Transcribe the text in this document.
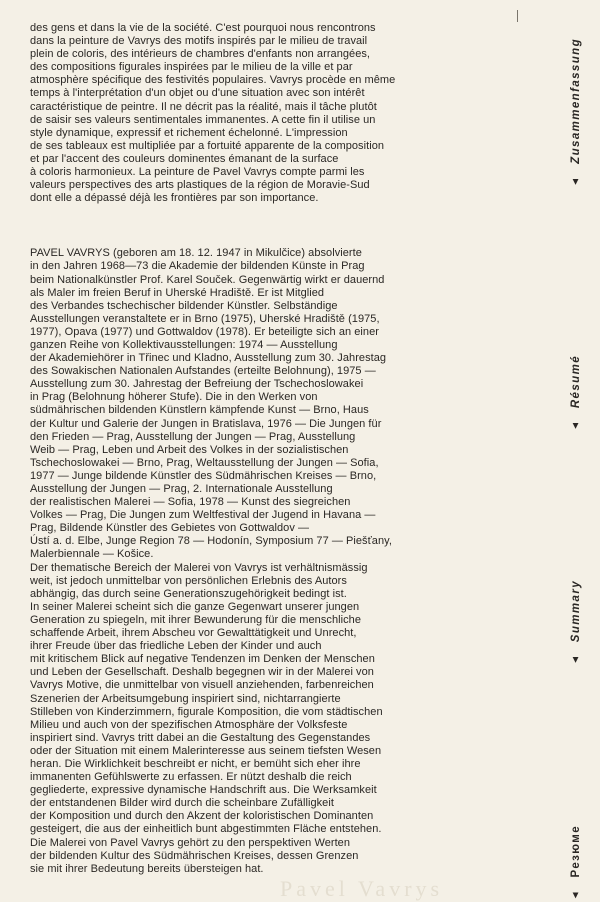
des gens et dans la vie de la société. C'est pourquoi nous rencontrons
dans la peinture de Vavrys des motifs inspirés par le milieu de travail
plein de coloris, des intérieurs de chambres d'enfants non arrangées,
des compositions figurales inspirées par le milieu de la ville et par
atmosphère spécifique des festivités populaires. Vavrys procède en même
temps à l'interprétation d'un objet ou d'une situation avec son intérêt
caractéristique de peintre. Il ne décrit pas la réalité, mais il tâche plutôt
de saisir ses valeurs sentimentales immanentes. A cette fin il utilise un
style dynamique, expressif et richement échelonné. L'impression
de ses tableaux est multipliée par a fortuité apparente de la composition
et par l'accent des couleurs dominentes émanant de la surface
à coloris harmonieux. La peinture de Pavel Vavrys compte parmi les
valeurs perspectives des arts plastiques de la région de Moravie-Sud
dont elle a dépassé déjà les frontières par son importance.

PAVEL VAVRYS (geboren am 18. 12. 1947 in Mikulčice) absolvierte
in den Jahren 1968—73 die Akademie der bildenden Künste in Prag
beim Nationalkünstler Prof. Karel Souček. Gegenwärtig wirkt er dauernd
als Maler im freien Beruf in Uherské Hradiště. Er ist Mitglied
des Verbandes tschechischer bildender Künstler. Selbständige
Ausstellungen veranstaltete er in Brno (1975), Uherské Hradiště (1975,
1977), Opava (1977) und Gottwaldov (1978). Er beteiligte sich an einer
ganzen Reihe von Kollektivausstellungen: 1974 — Ausstellung
der Akademiehörer in Třinec und Kladno, Ausstellung zum 30. Jahrestag
des Sowakischen Nationalen Aufstandes (erteilte Belohnung), 1975 —
Ausstellung zum 30. Jahrestag der Befreiung der Tschechoslowakei
in Prag (Belohnung höherer Stufe). Die in den Werken von
südmährischen bildenden Künstlern kämpfende Kunst — Brno, Haus
der Kultur und Galerie der Jungen in Bratislava, 1976 — Die Jungen für
den Frieden — Prag, Ausstellung der Jungen — Prag, Ausstellung
Weib — Prag, Leben und Arbeit des Volkes in der sozialistischen
Tschechoslowakei — Brno, Prag, Weltausstellung der Jungen — Sofia,
1977 — Junge bildende Künstler des Südmährischen Kreises — Brno,
Ausstellung der Jungen — Prag, 2. Internationale Ausstellung
der realistischen Malerei — Sofia, 1978 — Kunst des siegreichen
Volkes — Prag, Die Jungen zum Weltfestival der Jugend in Havana —
Prag, Bildende Künstler des Gebietes von Gottwaldov —
Ústí a. d. Elbe, Junge Region 78 — Hodonín, Symposium 77 — Piešťany,
Malerbiennale — Košice.

Der thematische Bereich der Malerei von Vavrys ist verhältnismässig
weit, ist jedoch unmittelbar von persönlichen Erlebnis des Autors
abhängig, das durch seine Generationszugehörigkeit bedingt ist.
In seiner Malerei scheint sich die ganze Gegenwart unserer jungen
Generation zu spiegeln, mit ihrer Bewunderung für die menschliche
schaffende Arbeit, ihrem Abscheu vor Gewalttätigkeit und Unrecht,
ihrer Freude über das friedliche Leben der Kinder und auch
mit kritischem Blick auf negative Tendenzen im Denken der Menschen
und Leben der Gesellschaft. Deshalb begegnen wir in der Malerei von
Vavrys Motive, die unmittelbar von visuell anziehenden, farbenreichen
Szenerien der Arbeitsumgebung inspiriert sind, nichtarrangierte
Stilleben von Kinderzimmern, figurale Komposition, die vom städtischen
Milieu und auch von der spezifischen Atmosphäre der Volksfeste
inspiriert sind. Vavrys tritt dabei an die Gestaltung des Gegenstandes
oder der Situation mit einem Malerinteresse aus seinem tiefsten Wesen
heran. Die Wirklichkeit beschreibt er nicht, er bemüht sich eher ihre
immanenten Gefühlswerte zu erfassen. Er nützt deshalb die reich
gegliederte, expressive dynamische Handschrift aus. Die Werksamkeit
der entstandenen Bilder wird durch die scheinbare Zufälligkeit
der Komposition und durch den Akzent der koloristischen Dominanten
gesteigert, die aus der einheitlich bunt abgestimmten Fläche entstehen.
Die Malerei von Pavel Vavrys gehört zu den perspektiven Werten
der bildenden Kultur des Südmährischen Kreises, dessen Grenzen
sie mit ihrer Bedeutung bereits übersteigen hat.

▲ Zusammenfassung
▲ Résumé
▲ Summary
▲ Резюме
Pavel Vavrys
